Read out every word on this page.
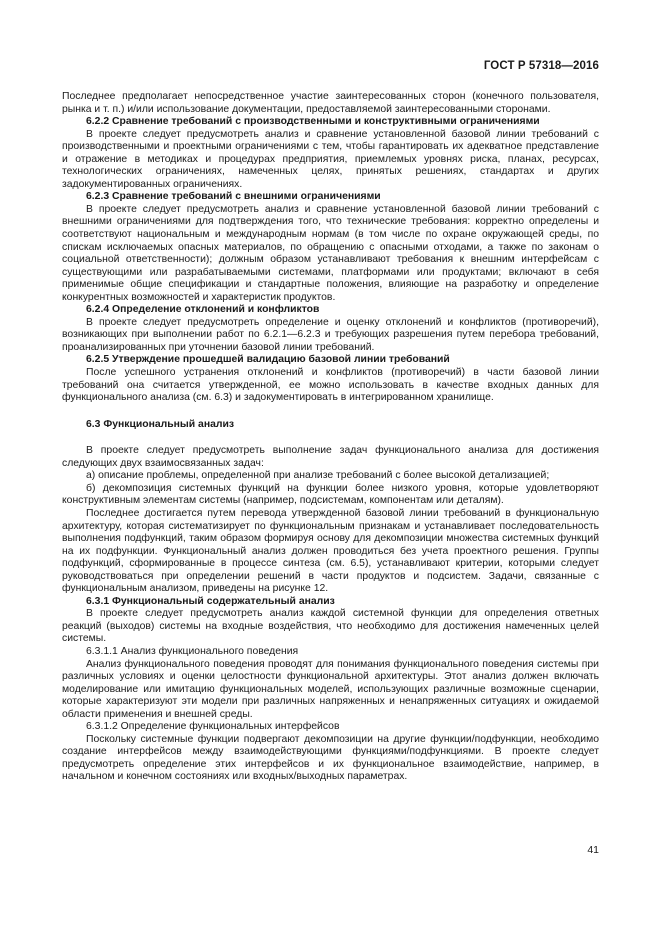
ГОСТ Р 57318—2016

Последнее предполагает непосредственное участие заинтересованных сторон (конечного пользователя, рынка и т. п.) и/или использование документации, предоставляемой заинтересованными сторонами.

6.2.2 Сравнение требований с производственными и конструктивными ограничениями

В проекте следует предусмотреть анализ и сравнение установленной базовой линии требований с производственными и проектными ограничениями с тем, чтобы гарантировать их адекватное представление и отражение в методиках и процедурах предприятия, приемлемых уровнях риска, планах, ресурсах, технологических ограничениях, намеченных целях, принятых решениях, стандартах и других задокументированных ограничениях.

6.2.3 Сравнение требований с внешними ограничениями

В проекте следует предусмотреть анализ и сравнение установленной базовой линии требований с внешними ограничениями для подтверждения того, что технические требования: корректно определены и соответствуют национальным и международным нормам (в том числе по охране окружающей среды, по спискам исключаемых опасных материалов, по обращению с опасными отходами, а также по законам о социальной ответственности); должным образом устанавливают требования к внешним интерфейсам с существующими или разрабатываемыми системами, платформами или продуктами; включают в себя применимые общие спецификации и стандартные положения, влияющие на разработку и определение конкурентных возможностей и характеристик продуктов.

6.2.4 Определение отклонений и конфликтов

В проекте следует предусмотреть определение и оценку отклонений и конфликтов (противоречий), возникающих при выполнении работ по 6.2.1—6.2.3 и требующих разрешения путем перебора требований, проанализированных при уточнении базовой линии требований.

6.2.5 Утверждение прошедшей валидацию базовой линии требований

После успешного устранения отклонений и конфликтов (противоречий) в части базовой линии требований она считается утвержденной, ее можно использовать в качестве входных данных для функционального анализа (см. 6.3) и задокументировать в интегрированном хранилище.

6.3 Функциональный анализ

В проекте следует предусмотреть выполнение задач функционального анализа для достижения следующих двух взаимосвязанных задач:

а) описание проблемы, определенной при анализе требований с более высокой детализацией;

б) декомпозиция системных функций на функции более низкого уровня, которые удовлетворяют конструктивным элементам системы (например, подсистемам, компонентам или деталям).

Последнее достигается путем перевода утвержденной базовой линии требований в функциональную архитектуру, которая систематизирует по функциональным признакам и устанавливает последовательность выполнения подфункций, таким образом формируя основу для декомпозиции множества системных функций на их подфункции. Функциональный анализ должен проводиться без учета проектного решения. Группы подфункций, сформированные в процессе синтеза (см. 6.5), устанавливают критерии, которыми следует руководствоваться при определении решений в части продуктов и подсистем. Задачи, связанные с функциональным анализом, приведены на рисунке 12.

6.3.1 Функциональный содержательный анализ

В проекте следует предусмотреть анализ каждой системной функции для определения ответных реакций (выходов) системы на входные воздействия, что необходимо для достижения намеченных целей системы.

6.3.1.1 Анализ функционального поведения

Анализ функционального поведения проводят для понимания функционального поведения системы при различных условиях и оценки целостности функциональной архитектуры. Этот анализ должен включать моделирование или имитацию функциональных моделей, использующих различные возможные сценарии, которые характеризуют эти модели при различных напряженных и ненапряженных ситуациях и ожидаемой области применения и внешней среды.

6.3.1.2 Определение функциональных интерфейсов

Поскольку системные функции подвергают декомпозиции на другие функции/подфункции, необходимо создание интерфейсов между взаимодействующими функциями/подфункциями. В проекте следует предусмотреть определение этих интерфейсов и их функциональное взаимодействие, например, в начальном и конечном состояниях или входных/выходных параметрах.

41
